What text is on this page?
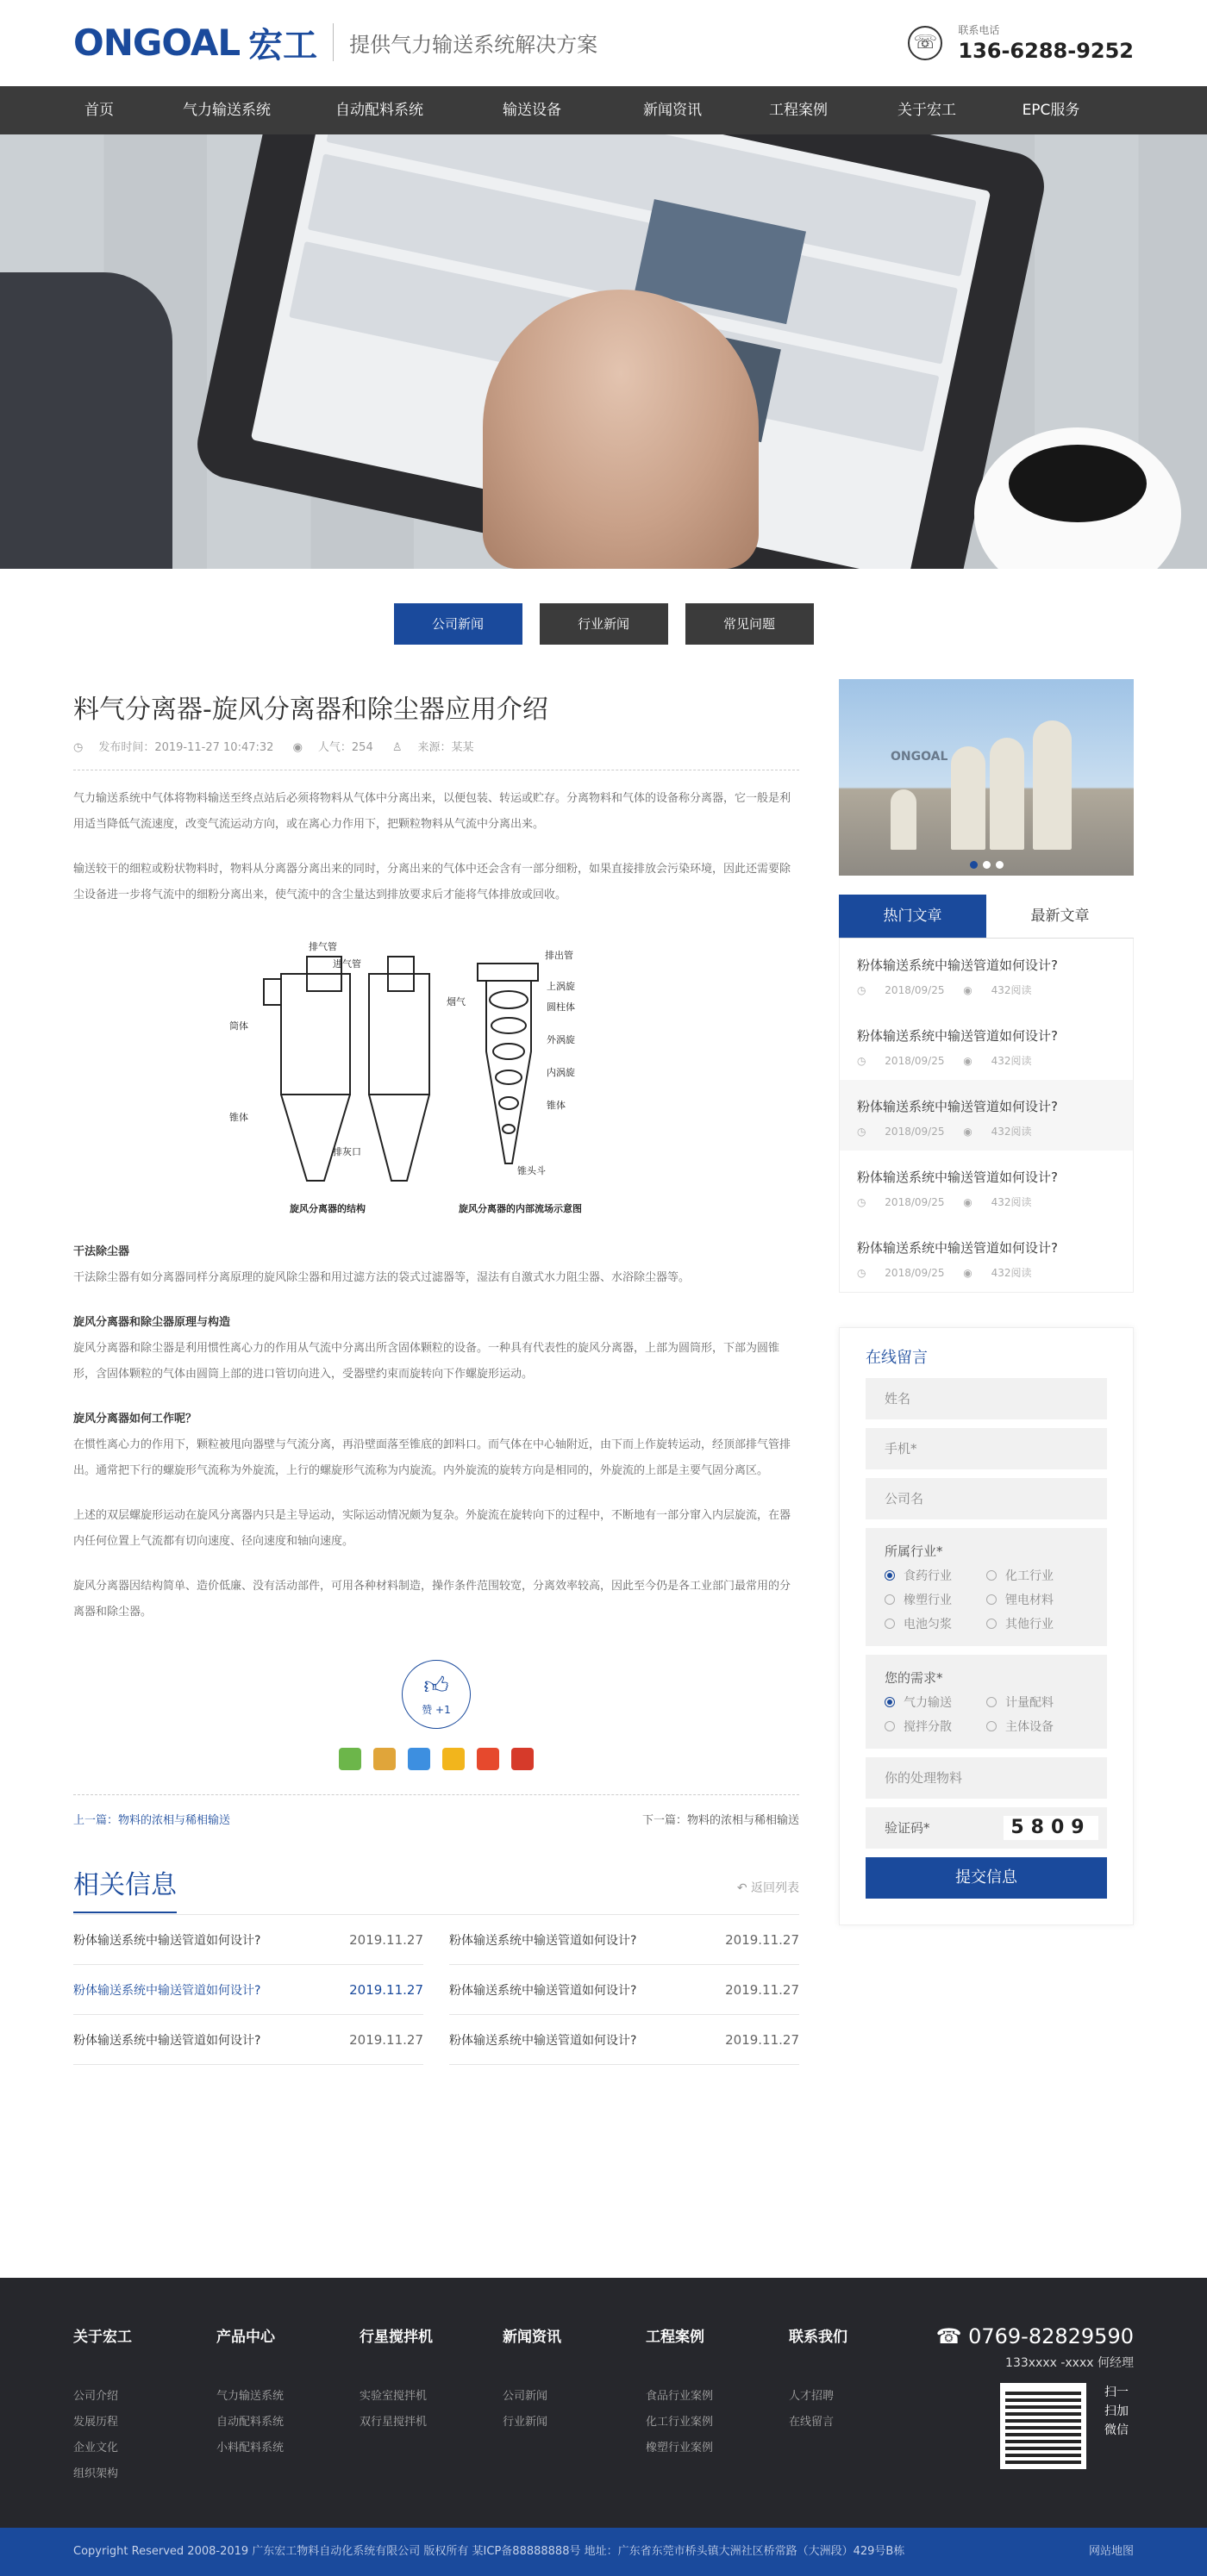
ONGOAL 宏工 提供气力输送系统解决方案	☏
联系电话
136-6288-9252
首页	气力输送系统	自动配料系统	输送设备	新闻资讯	工程案例	关于宏工	EPC服务
公司新闻	行业新闻	常见问题
料气分离器-旋风分离器和除尘器应用介绍
◷ 发布时间：2019-11-27 10:47:32 ◉ 人气：254 ♙ 来源：某某

气力输送系统中气体将物料输送至终点站后必须将物料从气体中分离出来，以便包装、转运或贮存。分离物料和气体的设备称分离器，它一般是利用适当降低气流速度，改变气流运动方向，或在离心力作用下，把颗粒物料从气流中分离出来。

输送较干的细粒或粉状物料时，物料从分离器分离出来的同时，分离出来的气体中还会含有一部分细粉，如果直接排放会污染环境，因此还需要除尘设备进一步将气流中的细粉分离出来，使气流中的含尘量达到排放要求后才能将气体排放或回收。

排气管
进气管
筒体
锥体
排灰口
旋风分离器的结构
排出管
上涡旋
圆柱体
外涡旋
内涡旋
锥体
锥头斗
烟气
旋风分离器的内部流场示意图

干法除尘器
干法除尘器有如分离器同样分离原理的旋风除尘器和用过滤方法的袋式过滤器等，湿法有自激式水力阻尘器、水浴除尘器等。

旋风分离器和除尘器原理与构造
旋风分离器和除尘器是利用惯性离心力的作用从气流中分离出所含固体颗粒的设备。一种具有代表性的旋风分离器，上部为圆筒形，下部为圆锥形，含固体颗粒的气体由圆筒上部的进口管切向进入，受器壁约束而旋转向下作螺旋形运动。

旋风分离器如何工作呢？
在惯性离心力的作用下，颗粒被甩向器壁与气流分离，再沿壁面落至锥底的卸料口。而气体在中心轴附近，由下而上作旋转运动，经顶部排气管排出。通常把下行的螺旋形气流称为外旋流，上行的螺旋形气流称为内旋流。内外旋流的旋转方向是相同的，外旋流的上部是主要气固分离区。

上述的双层螺旋形运动在旋风分离器内只是主导运动，实际运动情况颇为复杂。外旋流在旋转向下的过程中，不断地有一部分窜入内层旋流，在器内任何位置上气流都有切向速度、径向速度和轴向速度。

旋风分离器因结构简单、造价低廉、没有活动部件，可用各种材料制造，操作条件范围较宽，分离效率较高，因此至今仍是各工业部门最常用的分离器和除尘器。

👍︎
赞 +1
上一篇：物料的浓相与稀相输送	下一篇：物料的浓相与稀相输送
相关信息	↶ 返回列表
粉体输送系统中输送管道如何设计?	2019.11.27 粉体输送系统中输送管道如何设计?	2019.11.27
粉体输送系统中输送管道如何设计?	2019.11.27 粉体输送系统中输送管道如何设计?	2019.11.27
粉体输送系统中输送管道如何设计?	2019.11.27 粉体输送系统中输送管道如何设计?	2019.11.27
ONGOAL
热门文章	最新文章
粉体输送系统中输送管道如何设计?
◷ 2018/09/25 ◉ 432阅读
粉体输送系统中输送管道如何设计?
◷ 2018/09/25 ◉ 432阅读
粉体输送系统中输送管道如何设计?
◷ 2018/09/25 ◉ 432阅读
粉体输送系统中输送管道如何设计?
◷ 2018/09/25 ◉ 432阅读
粉体输送系统中输送管道如何设计?
◷ 2018/09/25 ◉ 432阅读
在线留言
姓名
手机*
公司名
所属行业*
食药行业	化工行业
橡塑行业	锂电材料
电池匀浆	其他行业
您的需求*
气力输送	计量配料
搅拌分散	主体设备
你的处理物料
验证码*	5809
提交信息
关于宏工
公司介绍
发展历程
企业文化
组织架构
产品中心
气力输送系统
自动配料系统
小料配料系统
行星搅拌机
实验室搅拌机
双行星搅拌机
新闻资讯
公司新闻
行业新闻
工程案例
食品行业案例
化工行业案例
橡塑行业案例
联系我们
人才招聘
在线留言
☎ 0769-82829590
133xxxx -xxxx 何经理
扫一扫加微信
Copyright Reserved 2008-2019 广东宏工物料自动化系统有限公司 版权所有 某ICP备88888888号 地址：广东省东莞市桥头镇大洲社区桥常路（大洲段）429号B栋	网站地图
